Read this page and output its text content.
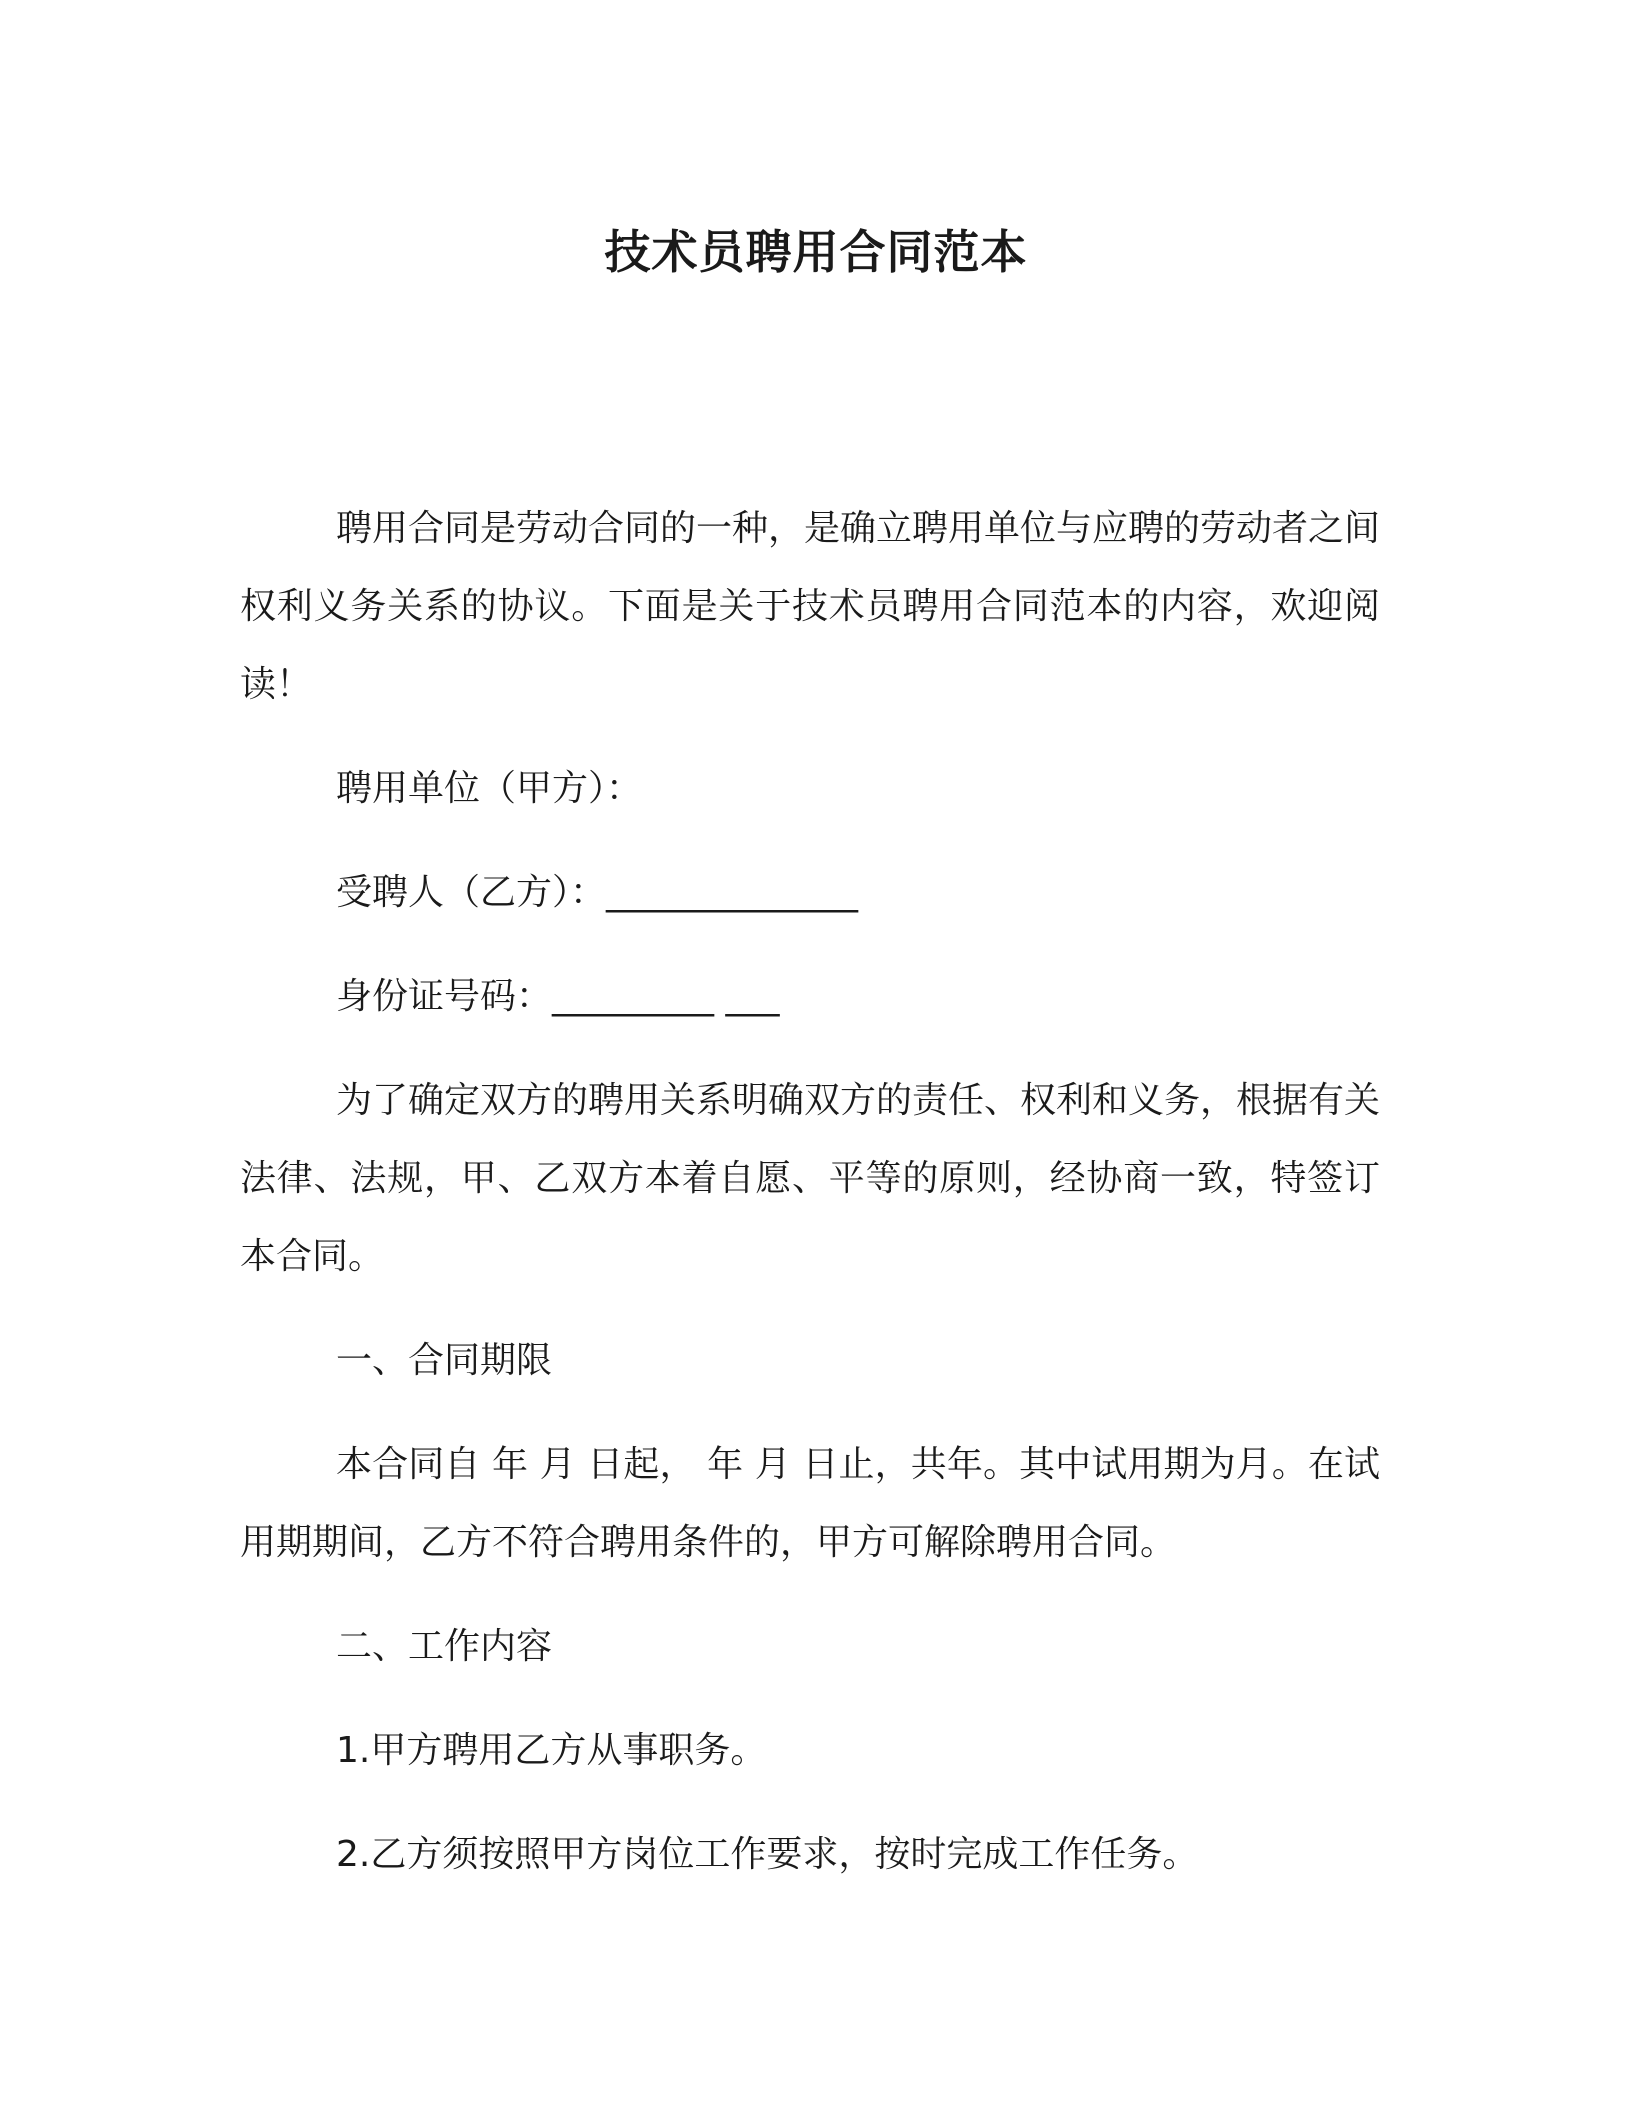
技术员聘用合同范本

聘用合同是劳动合同的一种，是确立聘用单位与应聘的劳动者之间权利义务关系的协议。下面是关于技术员聘用合同范本的内容，欢迎阅读！

聘用单位（甲方）：

受聘人（乙方）：______________

身份证号码：_________ ___

为了确定双方的聘用关系明确双方的责任、权利和义务，根据有关法律、法规，甲、乙双方本着自愿、平等的原则，经协商一致，特签订本合同。

一、合同期限

本合同自 年 月 日起， 年 月 日止，共年。其中试用期为月。在试用期期间，乙方不符合聘用条件的，甲方可解除聘用合同。

二、工作内容

1.甲方聘用乙方从事职务。

2.乙方须按照甲方岗位工作要求，按时完成工作任务。
